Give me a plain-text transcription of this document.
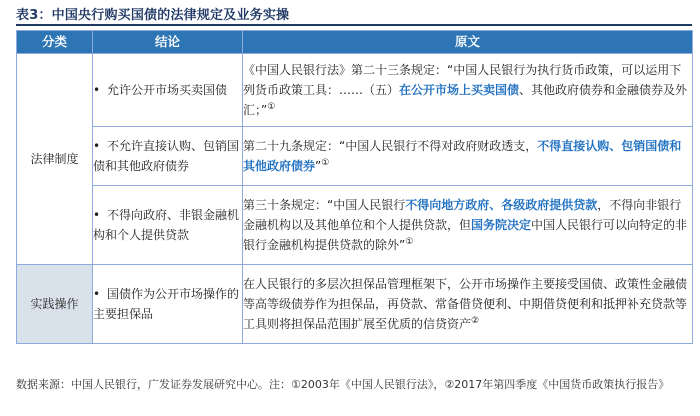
表3：中国央行购买国债的法律规定及业务实操
分类	结论	原文
法律制度	• 允许公开市场买卖国债	《中国人民银行法》第二十三条规定：“中国人民银行为执行货币政策，可以运用下列货币政策工具：……（五）在公开市场上买卖国债、其他政府债券和金融债券及外汇；”①
	• 不允许直接认购、包销国债和其他政府债券	第二十九条规定：“中国人民银行不得对政府财政透支，不得直接认购、包销国债和其他政府债券”①
	• 不得向政府、非银金融机构和个人提供贷款	第三十条规定：“中国人民银行不得向地方政府、各级政府提供贷款，不得向非银行金融机构以及其他单位和个人提供贷款，但国务院决定中国人民银行可以向特定的非银行金融机构提供贷款的除外”①
实践操作	• 国债作为公开市场操作的主要担保品	在人民银行的多层次担保品管理框架下，公开市场操作主要接受国债、政策性金融债等高等级债券作为担保品，再贷款、常备借贷便利、中期借贷便利和抵押补充贷款等工具则将担保品范围扩展至优质的信贷资产②
数据来源：中国人民银行，广发证券发展研究中心。注：①2003年《中国人民银行法》，②2017年第四季度《中国货币政策执行报告》
